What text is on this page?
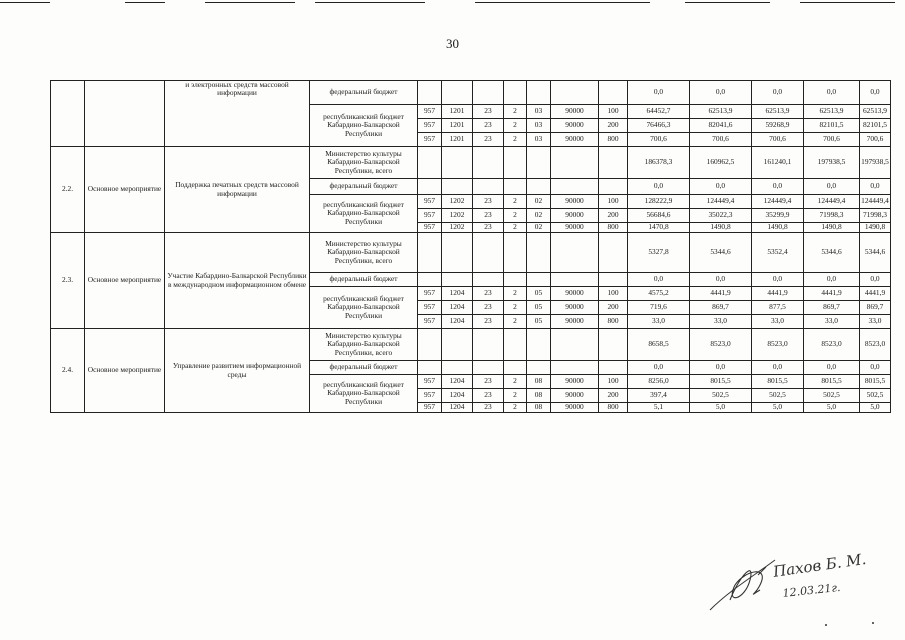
30
		и электронных средств массовой информации	федеральный бюджет								0,0	0,0	0,0	0,0	0,0
			республиканский бюджет Кабардино-Балкарской Республики	957	1201	23	2	03	90000	100	64452,7	62513,9	62513,9	62513,9	62513,9
				957	1201	23	2	03	90000	200	76466,3	82041,6	59268,9	82101,5	82101,5
				957	1201	23	2	03	90000	800	700,6	700,6	700,6	700,6	700,6
2.2.	Основное мероприятие	Поддержка печатных средств массовой информации	Министерство культуры Кабардино-Балкарской Республики, всего								186378,3	160962,5	161240,1	197938,5	197938,5
			федеральный бюджет								0,0	0,0	0,0	0,0	0,0
			республиканский бюджет Кабардино-Балкарской Республики	957	1202	23	2	02	90000	100	128222,9	124449,4	124449,4	124449,4	124449,4
				957	1202	23	2	02	90000	200	56684,6	35022,3	35299,9	71998,3	71998,3
				957	1202	23	2	02	90000	800	1470,8	1490,8	1490,8	1490,8	1490,8
2.3.	Основное мероприятие	Участие Кабардино-Балкарской Республики в международном информационном обмене	Министерство культуры Кабардино-Балкарской Республики, всего								5327,8	5344,6	5352,4	5344,6	5344,6
			федеральный бюджет								0,0	0,0	0,0	0,0	0,0
			республиканский бюджет Кабардино-Балкарской Республики	957	1204	23	2	05	90000	100	4575,2	4441,9	4441,9	4441,9	4441,9
				957	1204	23	2	05	90000	200	719,6	869,7	877,5	869,7	869,7
				957	1204	23	2	05	90000	800	33,0	33,0	33,0	33,0	33,0
2.4.	Основное мероприятие	Управление развитием информационной среды	Министерство культуры Кабардино-Балкарской Республики, всего								8658,5	8523,0	8523,0	8523,0	8523,0
			федеральный бюджет								0,0	0,0	0,0	0,0	0,0
			республиканский бюджет Кабардино-Балкарской Республики	957	1204	23	2	08	90000	100	8256,0	8015,5	8015,5	8015,5	8015,5
				957	1204	23	2	08	90000	200	397,4	502,5	502,5	502,5	502,5
				957	1204	23	2	08	90000	800	5,1	5,0	5,0	5,0	5,0
Пахов Б. М.
12.03.21г.
